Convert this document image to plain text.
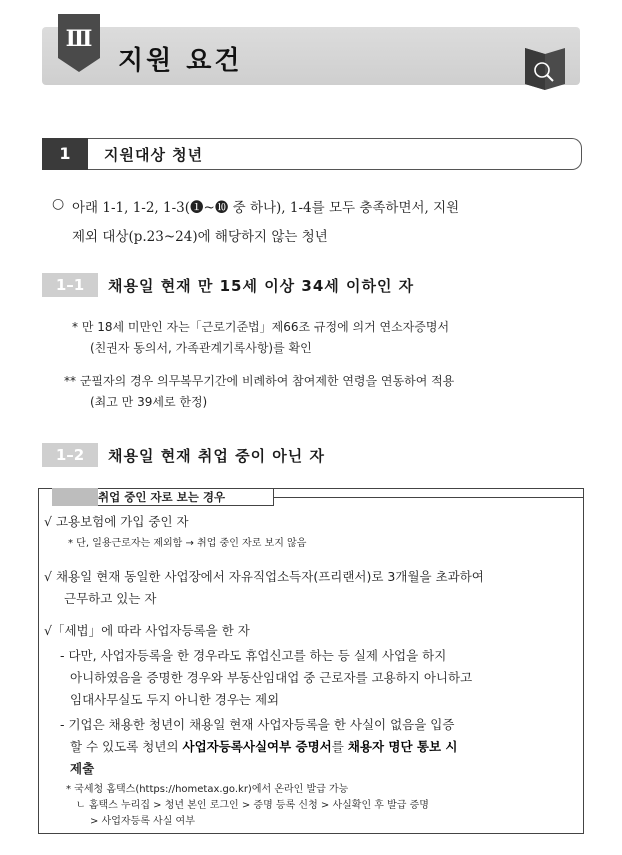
Ⅲ
지원 요건
1	지원대상 청년
○ 아래 1-1, 1-2, 1-3(❶~❿ 중 하나), 1-4를 모두 충족하면서, 지원
제외 대상(p.23~24)에 해당하지 않는 청년
1–1	채용일 현재 만 15세 이상 34세 이하인 자
* 만 18세 미만인 자는「근로기준법」제66조 규정에 의거 연소자증명서
(친권자 동의서, 가족관계기록사항)를 확인
** 군필자의 경우 의무복무기간에 비례하여 참여제한 연령을 연동하여 적용
(최고 만 39세로 한정)
1–2	채용일 현재 취업 중이 아닌 자
취업 중인 자로 보는 경우
√ 고용보험에 가입 중인 자
* 단, 일용근로자는 제외함 → 취업 중인 자로 보지 않음
√ 채용일 현재 동일한 사업장에서 자유직업소득자(프리랜서)로 3개월을 초과하여
근무하고 있는 자
√「세법」에 따라 사업자등록을 한 자
- 다만, 사업자등록을 한 경우라도 휴업신고를 하는 등 실제 사업을 하지
아니하였음을 증명한 경우와 부동산임대업 중 근로자를 고용하지 아니하고
임대사무실도 두지 아니한 경우는 제외
- 기업은 채용한 청년이 채용일 현재 사업자등록을 한 사실이 없음을 입증
할 수 있도록 청년의 사업자등록사실여부 증명서를 채용자 명단 통보 시
제출
* 국세청 홈택스(https://hometax.go.kr)에서 온라인 발급 가능
ㄴ 홈택스 누리집 > 청년 본인 로그인 > 증명 등록 신청 > 사실확인 후 발급 증명
> 사업자등록 사실 여부
